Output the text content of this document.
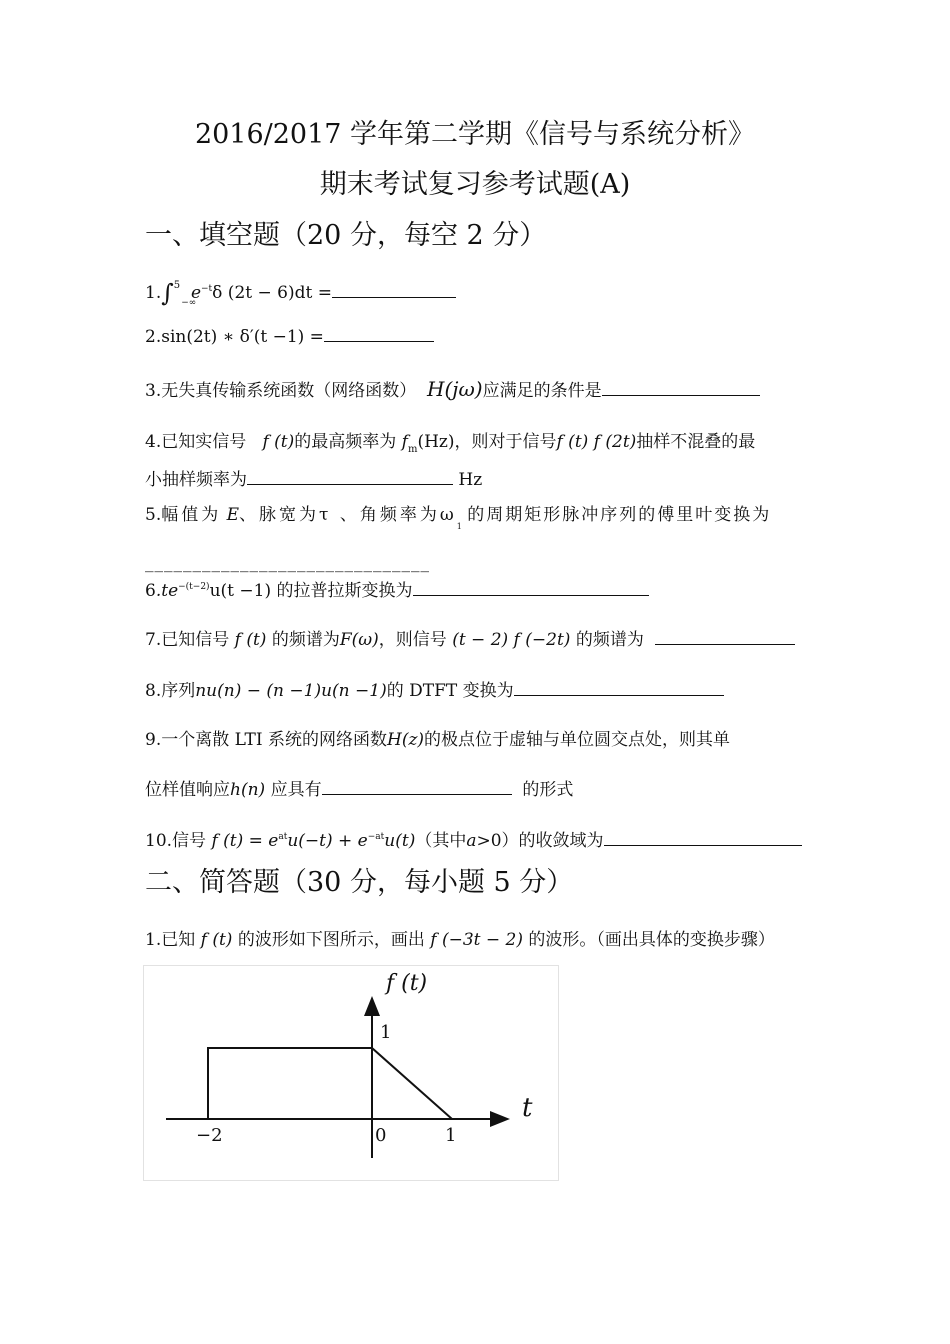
2016/2017 学年第二学期《信号与系统分析》
期末考试复习参考试题(A)
一、填空题（20 分，每空 2 分）
1.∫$^5$
−∞
$e^{-t}\delta$ (2t − 6)dt =
2.sin(2t) ∗ δ′(t −1) =
3.无失真传输系统函数（网络函数） H(jω)应满足的条件是
4.已知实信号 f (t)的最高频率为 $f_m(Hz)$，则对于信号f (t) f (2t)抽样不混叠的最
小抽样频率为	Hz
5.幅值为 E、脉宽为τ 、角频率为$\omega_1$ 的周期矩形脉冲序列的傅里叶变换为
______________________________
$6.te^{-(t-2)}u(t -1)$ 的拉普拉斯变换为
7.已知信号 f (t) 的频谱为F(ω)，则信号 (t − 2) f (−2t) 的频谱为
8.序列nu(n) − (n −1)u(n −1)的 DTFT 变换为
9.一个离散 LTI 系统的网络函数H(z)的极点位于虚轴与单位圆交点处，则其单
位样值响应h(n) 应具有	的形式
10.信号 f $(t) = e^{at}u(-t) + e^{-at}u(t)$（其中a>0）的收敛域为
二、简答题（30 分，每小题 5 分）
1.已知 f (t) 的波形如下图所示，画出 f (−3t − 2) 的波形。（画出具体的变换步骤）
f (t)
t
1
−2	0	1
